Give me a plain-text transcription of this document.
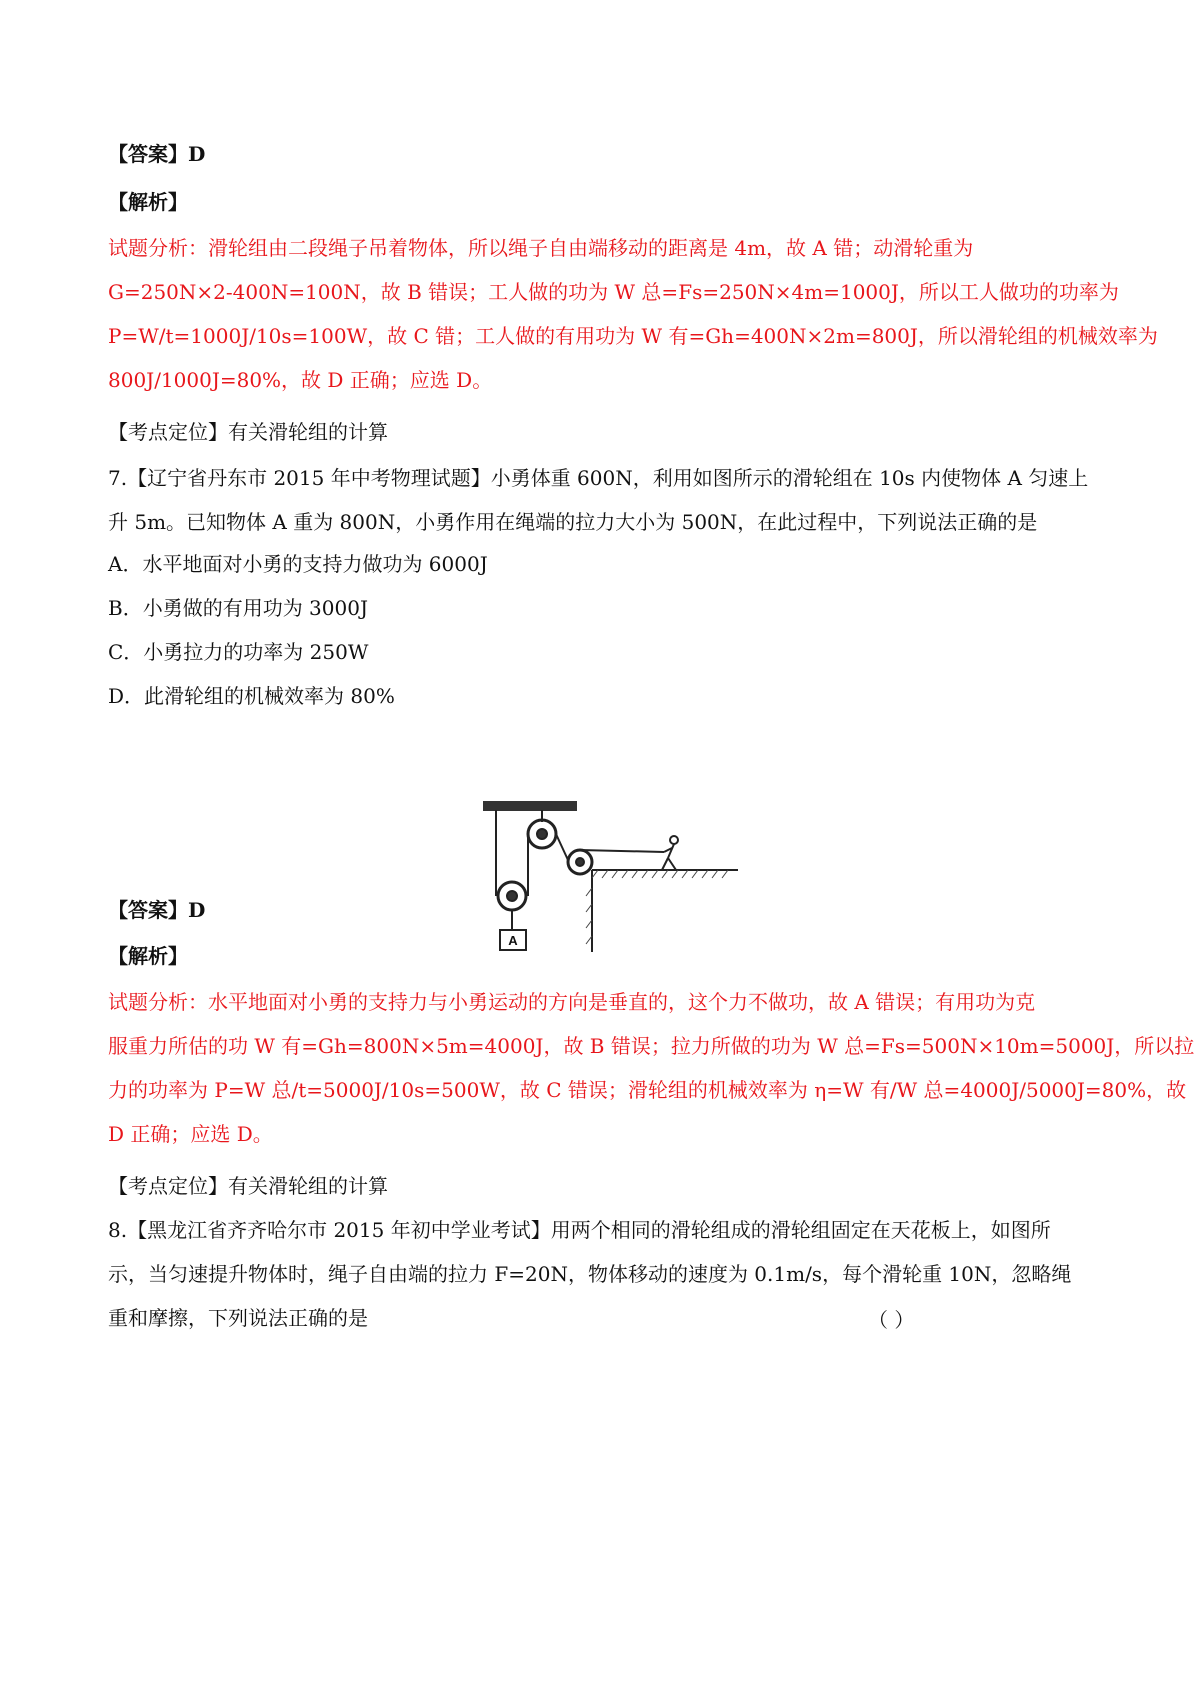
【答案】D
【解析】
试题分析：滑轮组由二段绳子吊着物体，所以绳子自由端移动的距离是 4m，故 A 错；动滑轮重为
G=250N×2-400N=100N，故 B 错误；工人做的功为 W 总=Fs=250N×4m=1000J，所以工人做功的功率为
P=W/t=1000J/10s=100W，故 C 错；工人做的有用功为 W 有=Gh=400N×2m=800J，所以滑轮组的机械效率为
800J/1000J=80%，故 D 正确；应选 D。
【考点定位】有关滑轮组的计算
7.【辽宁省丹东市 2015 年中考物理试题】小勇体重 600N，利用如图所示的滑轮组在 10s 内使物体 A 匀速上
升 5m。已知物体 A 重为 800N，小勇作用在绳端的拉力大小为 500N，在此过程中，下列说法正确的是
A．水平地面对小勇的支持力做功为 6000J
B．小勇做的有用功为 3000J
C．小勇拉力的功率为 250W
D．此滑轮组的机械效率为 80%
A
【答案】D
【解析】
试题分析：水平地面对小勇的支持力与小勇运动的方向是垂直的，这个力不做功，故 A 错误；有用功为克
服重力所估的功 W 有=Gh=800N×5m=4000J，故 B 错误；拉力所做的功为 W 总=Fs=500N×10m=5000J，所以拉
力的功率为 P=W 总/t=5000J/10s=500W，故 C 错误；滑轮组的机械效率为 η=W 有/W 总=4000J/5000J=80%，故
D 正确；应选 D。
【考点定位】有关滑轮组的计算
8.【黑龙江省齐齐哈尔市 2015 年初中学业考试】用两个相同的滑轮组成的滑轮组固定在天花板上，如图所
示，当匀速提升物体时，绳子自由端的拉力 F=20N，物体移动的速度为 0.1m/s，每个滑轮重 10N，忽略绳
重和摩擦，下列说法正确的是	（ ）
